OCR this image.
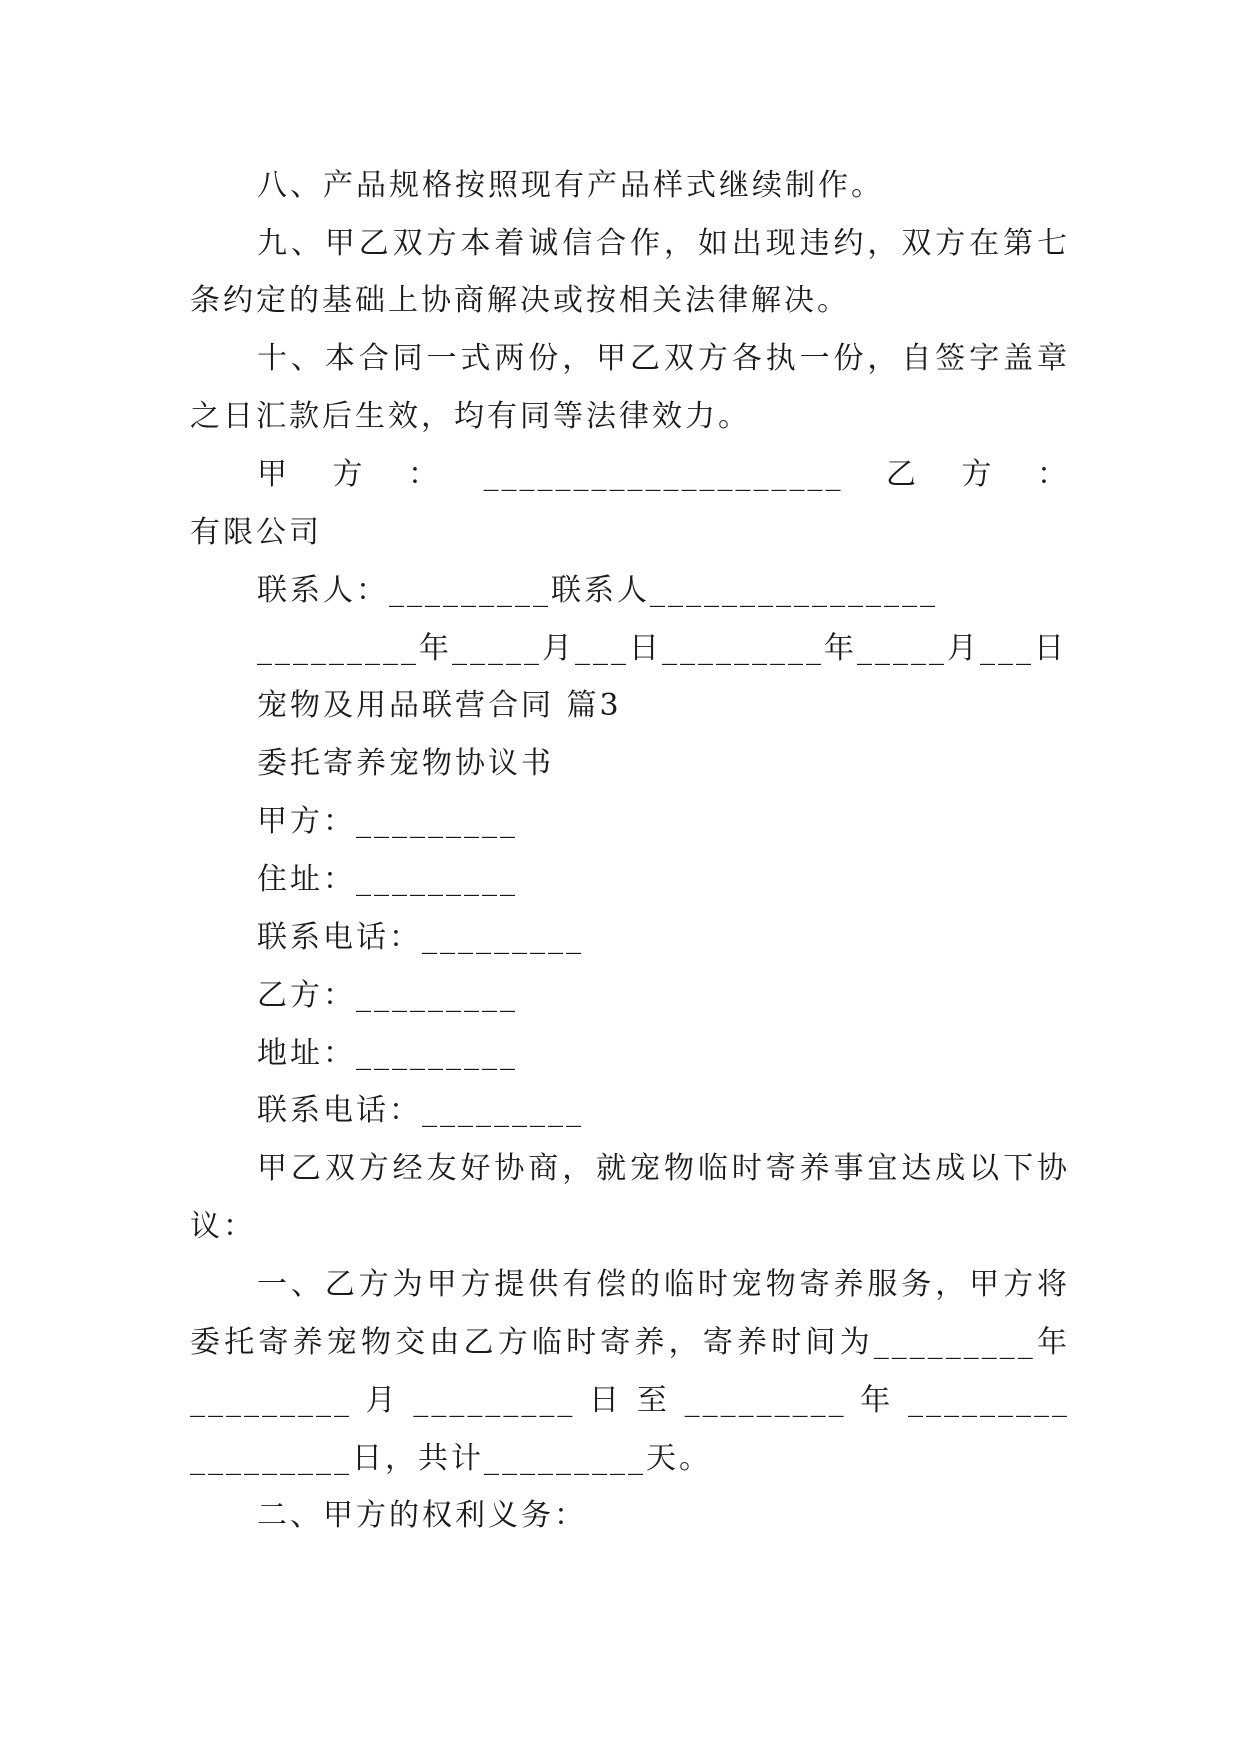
八、产品规格按照现有产品样式继续制作。
九、甲乙双方本着诚信合作，如出现违约，双方在第七
条约定的基础上协商解决或按相关法律解决。
十、本合同一式两份，甲乙双方各执一份，自签字盖章
之日汇款后生效，均有同等法律效力。
甲方：____________________乙方：
有限公司
联系人：_________联系人________________
_________年_____月___日_________年_____月___日
宠物及用品联营合同 篇3
委托寄养宠物协议书
甲方：_________
住址：_________
联系电话：_________
乙方：_________
地址：_________
联系电话：_________
甲乙双方经友好协商，就宠物临时寄养事宜达成以下协
议：
一、乙方为甲方提供有偿的临时宠物寄养服务，甲方将
委托寄养宠物交由乙方临时寄养，寄养时间为_________年
_________ 月 _________ 日 至 _________ 年 _________
_________日，共计_________天。
二、甲方的权利义务：
